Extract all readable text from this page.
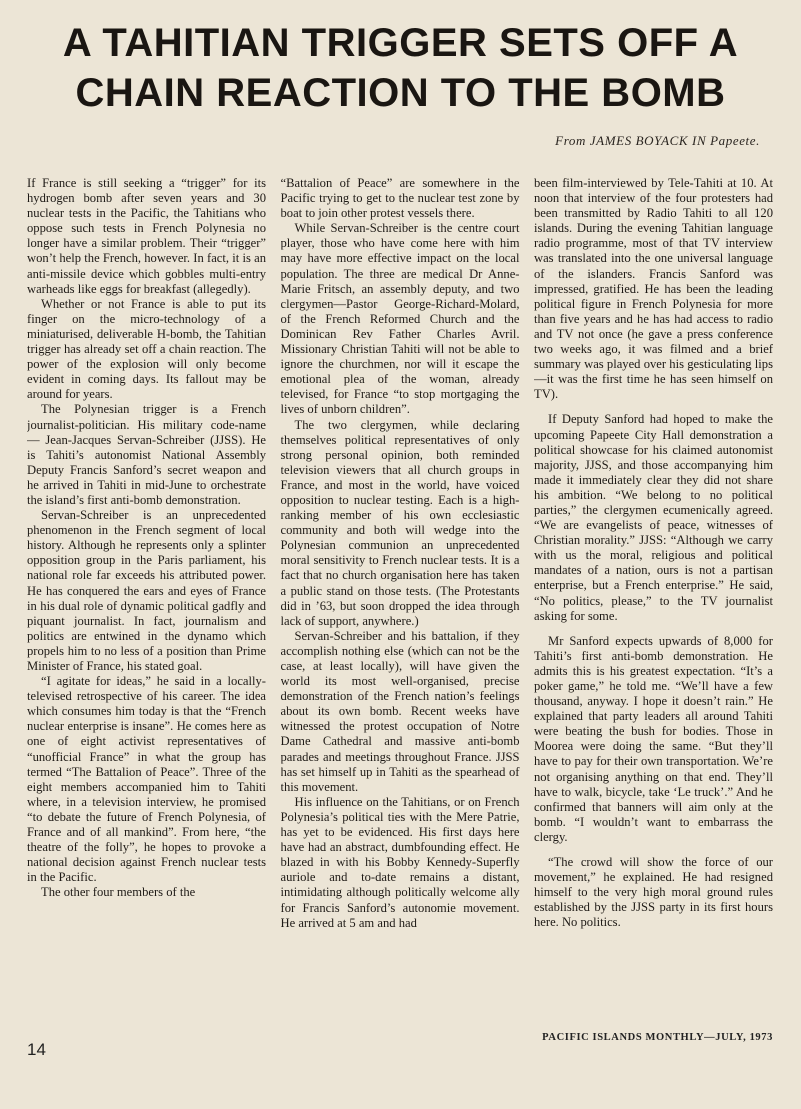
A TAHITIAN TRIGGER SETS OFF A CHAIN REACTION TO THE BOMB
From JAMES BOYACK IN Papeete.

If France is still seeking a “trigger” for its hydrogen bomb after seven years and 30 nuclear tests in the Pacific, the Tahitians who oppose such tests in French Polynesia no longer have a similar problem. Their “trigger” won’t help the French, however. In fact, it is an anti-missile device which gobbles multi-entry warheads like eggs for breakfast (allegedly).

Whether or not France is able to put its finger on the micro-technology of a miniaturised, deliverable H-bomb, the Tahitian trigger has already set off a chain reaction. The power of the explosion will only become evident in coming days. Its fallout may be around for years.

The Polynesian trigger is a French journalist-politician. His military code-name — Jean-Jacques Servan-Schreiber (JJSS). He is Tahiti’s autonomist National Assembly Deputy Francis Sanford’s secret weapon and he arrived in Tahiti in mid-June to orchestrate the island’s first anti-bomb demonstration.

Servan-Schreiber is an unprecedented phenomenon in the French segment of local history. Although he represents only a splinter opposition group in the Paris parliament, his national role far exceeds his attributed power. He has conquered the ears and eyes of France in his dual role of dynamic political gadfly and piquant journalist. In fact, journalism and politics are entwined in the dynamo which propels him to no less of a position than Prime Minister of France, his stated goal.

“I agitate for ideas,” he said in a locally-televised retrospective of his career. The idea which consumes him today is that the “French nuclear enterprise is insane”. He comes here as one of eight activist representatives of “unofficial France” in what the group has termed “The Battalion of Peace”. Three of the eight members accompanied him to Tahiti where, in a television interview, he promised “to debate the future of French Polynesia, of France and of all mankind”. From here, “the theatre of the folly”, he hopes to provoke a national decision against French nuclear tests in the Pacific.

The other four members of the

“Battalion of Peace” are somewhere in the Pacific trying to get to the nuclear test zone by boat to join other protest vessels there.

While Servan-Schreiber is the centre court player, those who have come here with him may have more effective impact on the local population. The three are medical Dr Anne-Marie Fritsch, an assembly deputy, and two clergymen—Pastor George-Richard-Molard, of the French Reformed Church and the Dominican Rev Father Charles Avril. Missionary Christian Tahiti will not be able to ignore the churchmen, nor will it escape the emotional plea of the woman, already televised, for France “to stop mortgaging the lives of unborn children”.

The two clergymen, while declaring themselves political representatives of only strong personal opinion, both reminded television viewers that all church groups in France, and most in the world, have voiced opposition to nuclear testing. Each is a high-ranking member of his own ecclesiastic community and both will wedge into the Polynesian communion an unprecedented moral sensitivity to French nuclear tests. It is a fact that no church organisation here has taken a public stand on those tests. (The Protestants did in ’63, but soon dropped the idea through lack of support, anywhere.)

Servan-Schreiber and his battalion, if they accomplish nothing else (which can not be the case, at least locally), will have given the world its most well-organised, precise demonstration of the French nation’s feelings about its own bomb. Recent weeks have witnessed the protest occupation of Notre Dame Cathedral and massive anti-bomb parades and meetings throughout France. JJSS has set himself up in Tahiti as the spearhead of this movement.

His influence on the Tahitians, or on French Polynesia’s political ties with the Mere Patrie, has yet to be evidenced. His first days here have had an abstract, dumbfounding effect. He blazed in with his Bobby Kennedy-Superfly auriole and to-date remains a distant, intimidating although politically welcome ally for Francis Sanford’s autonomie movement. He arrived at 5 am and had

been film-interviewed by Tele-Tahiti at 10. At noon that interview of the four protesters had been transmitted by Radio Tahiti to all 120 islands. During the evening Tahitian language radio programme, most of that TV interview was translated into the one universal language of the islanders. Francis Sanford was impressed, gratified. He has been the leading political figure in French Polynesia for more than five years and he has had access to radio and TV not once (he gave a press conference two weeks ago, it was filmed and a brief summary was played over his gesticulating lips—it was the first time he has seen himself on TV).

If Deputy Sanford had hoped to make the upcoming Papeete City Hall demonstration a political showcase for his claimed autonomist majority, JJSS, and those accompanying him made it immediately clear they did not share his ambition. “We belong to no political parties,” the clergymen ecumenically agreed. “We are evangelists of peace, witnesses of Christian morality.” JJSS: “Although we carry with us the moral, religious and political mandates of a nation, ours is not a partisan enterprise, but a French enterprise.” He said, “No politics, please,” to the TV journalist asking for some.

Mr Sanford expects upwards of 8,000 for Tahiti’s first anti-bomb demonstration. He admits this is his greatest expectation. “It’s a poker game,” he told me. “We’ll have a few thousand, anyway. I hope it doesn’t rain.” He explained that party leaders all around Tahiti were beating the bush for bodies. Those in Moorea were doing the same. “But they’ll have to pay for their own transportation. We’re not organising anything on that end. They’ll have to walk, bicycle, take ‘Le truck’.” And he confirmed that banners will aim only at the bomb. “I wouldn’t want to embarrass the clergy.

“The crowd will show the force of our movement,” he explained. He had resigned himself to the very high moral ground rules established by the JJSS party in its first hours here. No politics.

14
PACIFIC ISLANDS MONTHLY—JULY, 1973
